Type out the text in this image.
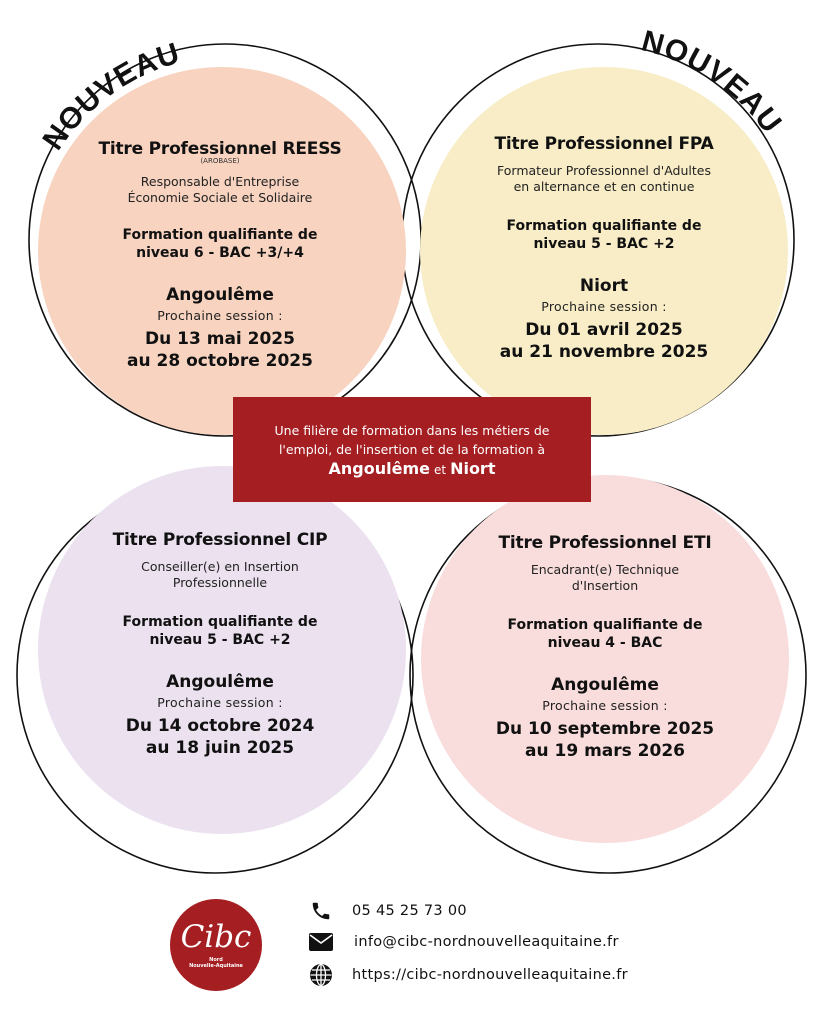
NOUVEAU	NOUVEAU
Titre Professionnel REESS
(AROBASE)
Responsable d'Entreprise
Économie Sociale et Solidaire
Formation qualifiante de
niveau 6 - BAC +3/+4
Angoulême
Prochaine session :
Du 13 mai 2025
au 28 octobre 2025
Titre Professionnel FPA
Formateur Professionnel d'Adultes
en alternance et en continue
Formation qualifiante de
niveau 5 - BAC +2
Niort
Prochaine session :
Du 01 avril 2025
au 21 novembre 2025
Titre Professionnel CIP
Conseiller(e) en Insertion
Professionnelle
Formation qualifiante de
niveau 5 - BAC +2
Angoulême
Prochaine session :
Du 14 octobre 2024
au 18 juin 2025
Titre Professionnel ETI
Encadrant(e) Technique
d'Insertion
Formation qualifiante de
niveau 4 - BAC
Angoulême
Prochaine session :
Du 10 septembre 2025
au 19 mars 2026
Une filière de formation dans les métiers de
l'emploi, de l'insertion et de la formation à
Angoulême et Niort
Cibc
Nord
Nouvelle-Aquitaine
05 45 25 73 00
info@cibc-nordnouvelleaquitaine.fr
https://cibc-nordnouvelleaquitaine.fr
